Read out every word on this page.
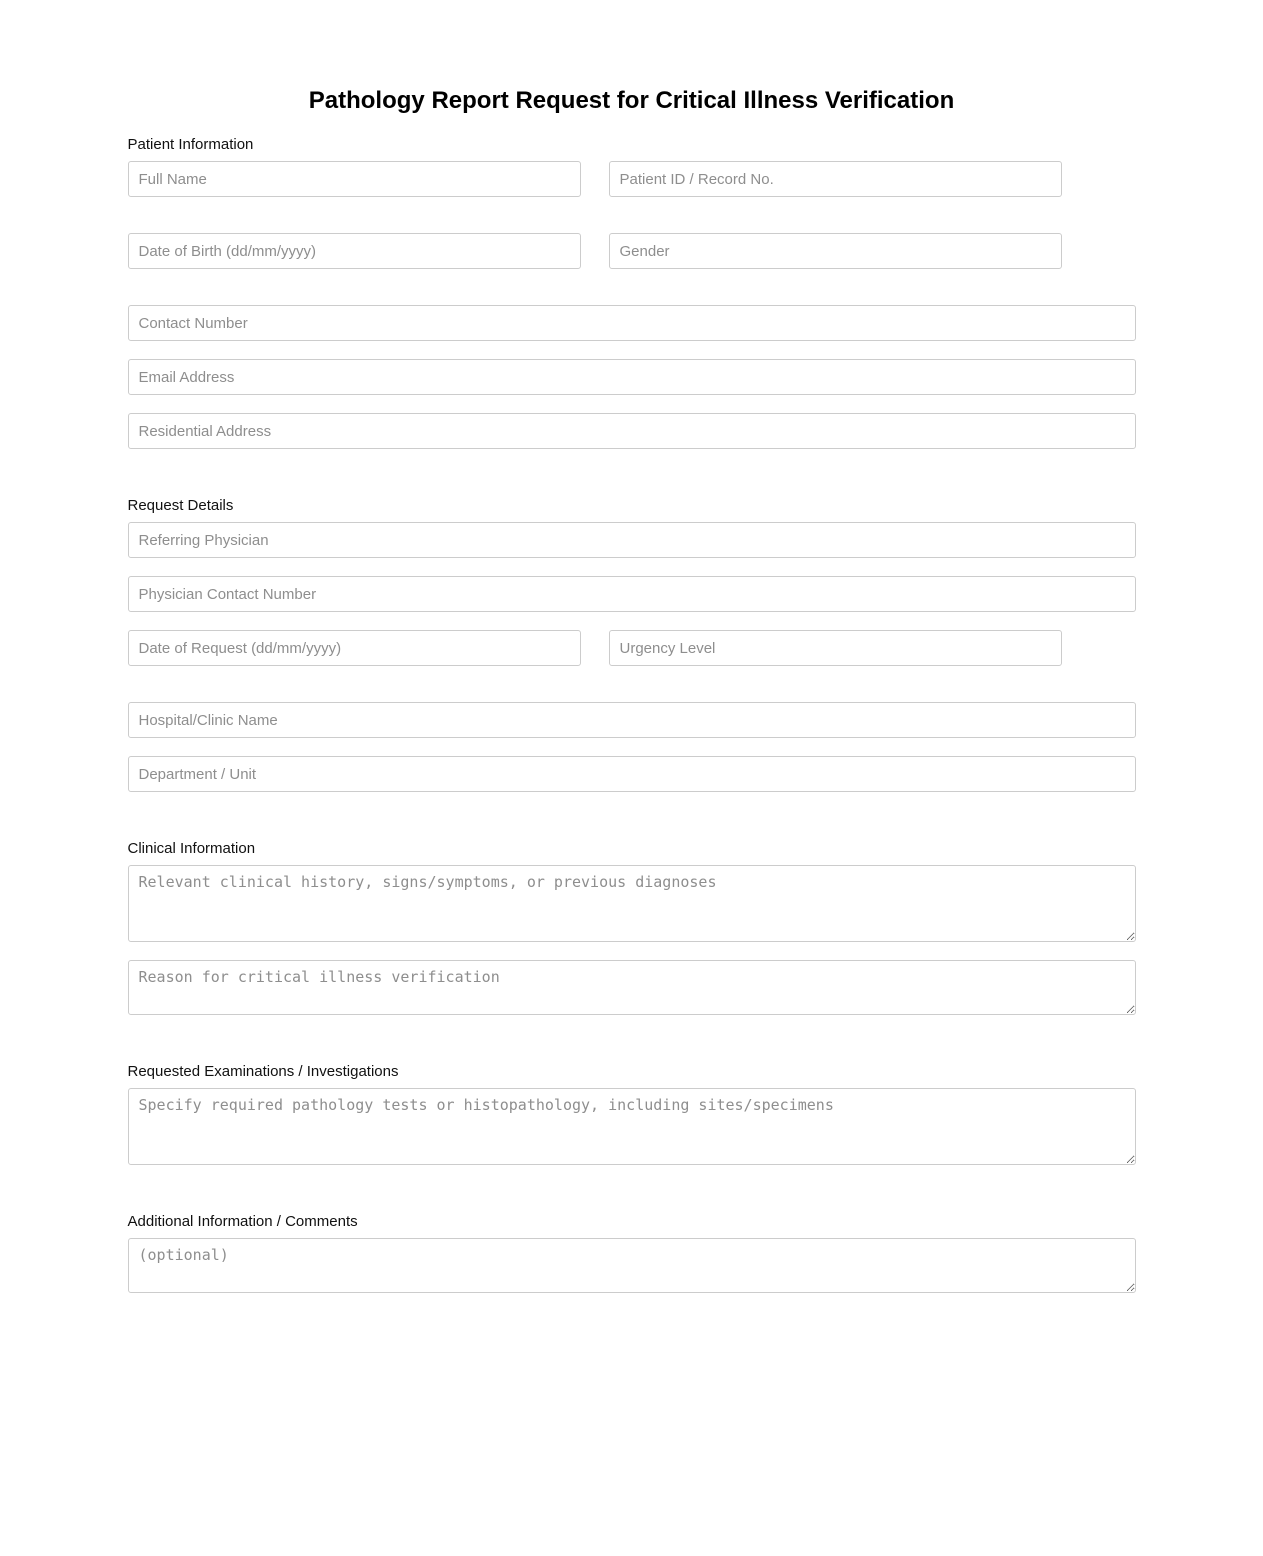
Pathology Report Request for Critical Illness Verification
Patient Information
Full Name
Patient ID / Record No.
Date of Birth (dd/mm/yyyy)
Gender
Contact Number
Email Address
Residential Address
Request Details
Referring Physician
Physician Contact Number
Date of Request (dd/mm/yyyy)
Urgency Level
Hospital/Clinic Name
Department / Unit
Clinical Information
Relevant clinical history, signs/symptoms, or previous diagnoses
Reason for critical illness verification
Requested Examinations / Investigations
Specify required pathology tests or histopathology, including sites/specimens
Additional Information / Comments
(optional)
